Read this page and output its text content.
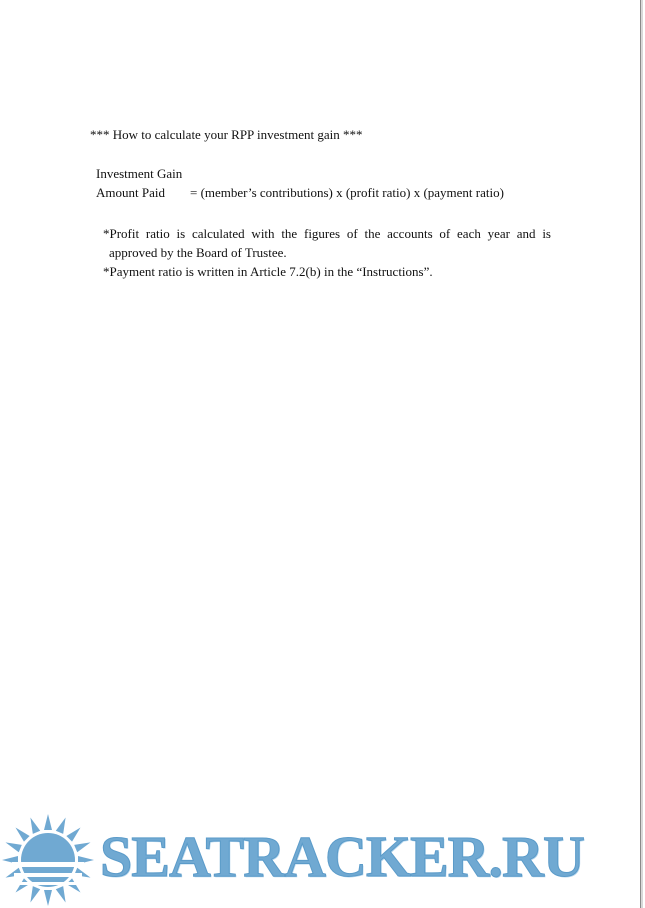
*** How to calculate your RPP investment gain ***
Investment Gain
Amount Paid = (member’s contributions) x (profit ratio) x (payment ratio)
*Profit ratio is calculated with the figures of the accounts of each year and is
approved by the Board of Trustee.
*Payment ratio is written in Article 7.2(b) in the “Instructions”.
SEATRACKER.RU
